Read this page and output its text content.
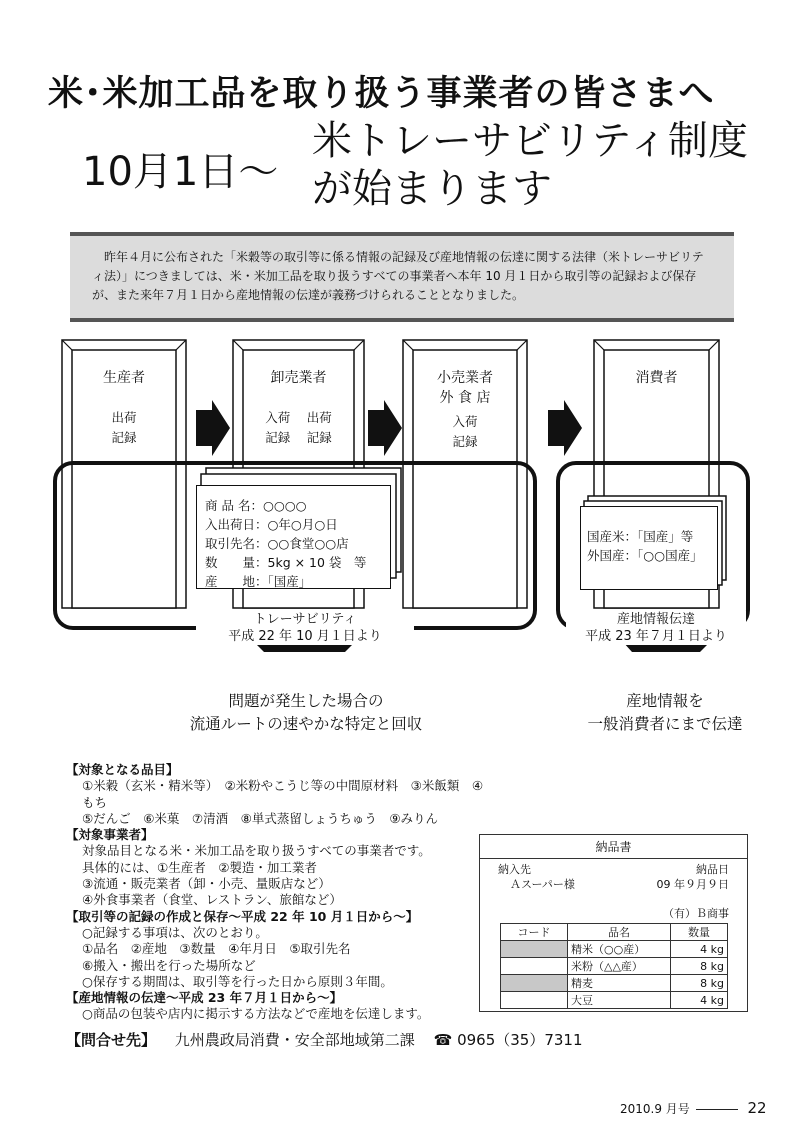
米･米加工品を取り扱う事業者の皆さまへ
10月1日～
米トレーサビリティ制度が始まります
昨年４月に公布された「米穀等の取引等に係る情報の記録及び産地情報の伝達に関する法律（米トレーサビリティ法）」につきましては、米・米加工品を取り扱うすべての事業者へ本年 10 月１日から取引等の記録および保存が、また来年７月１日から産地情報の伝達が義務づけられることとなりました。
生産者
出荷
記録
卸売業者
入荷　 出荷
記録　 記録
小売業者
外 食 店
入荷
記録
消費者
商 品 名：○○○○
入出荷日：○年○月○日
取引先名：○○食堂○○店
数　　量：5kg × 10 袋　等
産　　地：「国産」
国産米：「国産」等
外国産：「○○国産」
トレーサビリティ
平成 22 年 10 月１日より
産地情報伝達
平成 23 年７月１日より
問題が発生した場合の
流通ルートの速やかな特定と回収
産地情報を
一般消費者にまで伝達
【対象となる品目】
①米穀（玄米・精米等）　②米粉やこうじ等の中間原材料　③米飯類　④もち
⑤だんご　⑥米菓　⑦清酒　⑧単式蒸留しょうちゅう　⑨みりん
【対象事業者】
対象品目となる米・米加工品を取り扱うすべての事業者です。
具体的には、①生産者　②製造・加工業者
③流通・販売業者（卸・小売、量販店など）
④外食事業者（食堂、レストラン、旅館など）
【取引等の記録の作成と保存～平成 22 年 10 月１日から～】
○記録する事項は、次のとおり。
①品名　②産地　③数量　④年月日　⑤取引先名
⑥搬入・搬出を行った場所など
○保存する期間は、取引等を行った日から原則３年間。
【産地情報の伝達～平成 23 年７月１日から～】
○商品の包装や店内に掲示する方法などで産地を伝達します。
納品書
納入先
Ａスーパー様
納品日
09 年９月９日
（有）Ｂ商事
コード	品名	数量
	精米（○○産）	4 kg
	米粉（△△産）	8 kg
	精麦	8 kg
	大豆	4 kg
【問合せ先】 九州農政局消費・安全部地域第二課 ☎ 0965（35）7311
2010.9 月号	22
